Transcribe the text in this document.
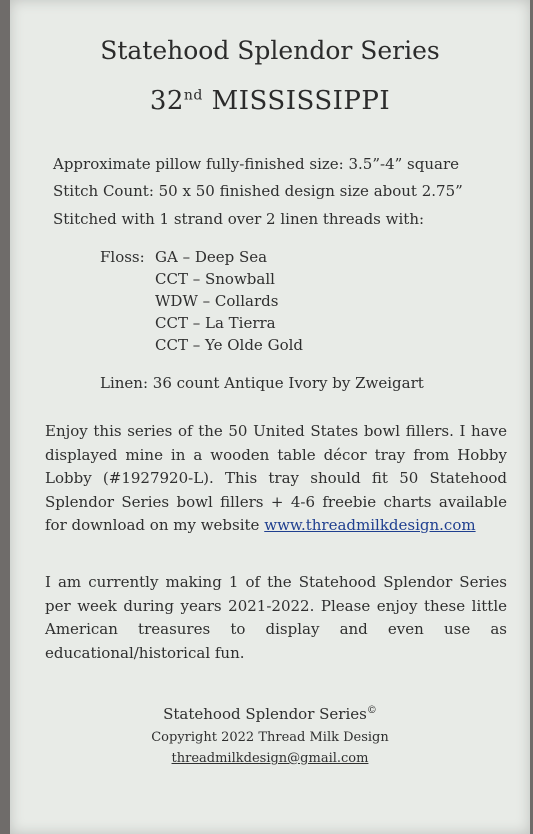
Statehood Splendor Series
32nd MISSISSIPPI
Approximate pillow fully-finished size: 3.5”-4” square
Stitch Count: 50 x 50 finished design size about 2.75”
Stitched with 1 strand over 2 linen threads with:
Floss: GA – Deep Sea
CCT – Snowball
WDW – Collards
CCT – La Tierra
CCT – Ye Olde Gold
Linen: 36 count Antique Ivory by Zweigart
Enjoy this series of the 50 United States bowl fillers. I have displayed mine in a wooden table décor tray from Hobby Lobby (#1927920-L). This tray should fit 50 Statehood Splendor Series bowl fillers + 4-6 freebie charts available for download on my website www.threadmilkdesign.com
I am currently making 1 of the Statehood Splendor Series per week during years 2021-2022. Please enjoy these little American treasures to display and even use as educational/historical fun.
Statehood Splendor Series©
Copyright 2022 Thread Milk Design
threadmilkdesign@gmail.com
